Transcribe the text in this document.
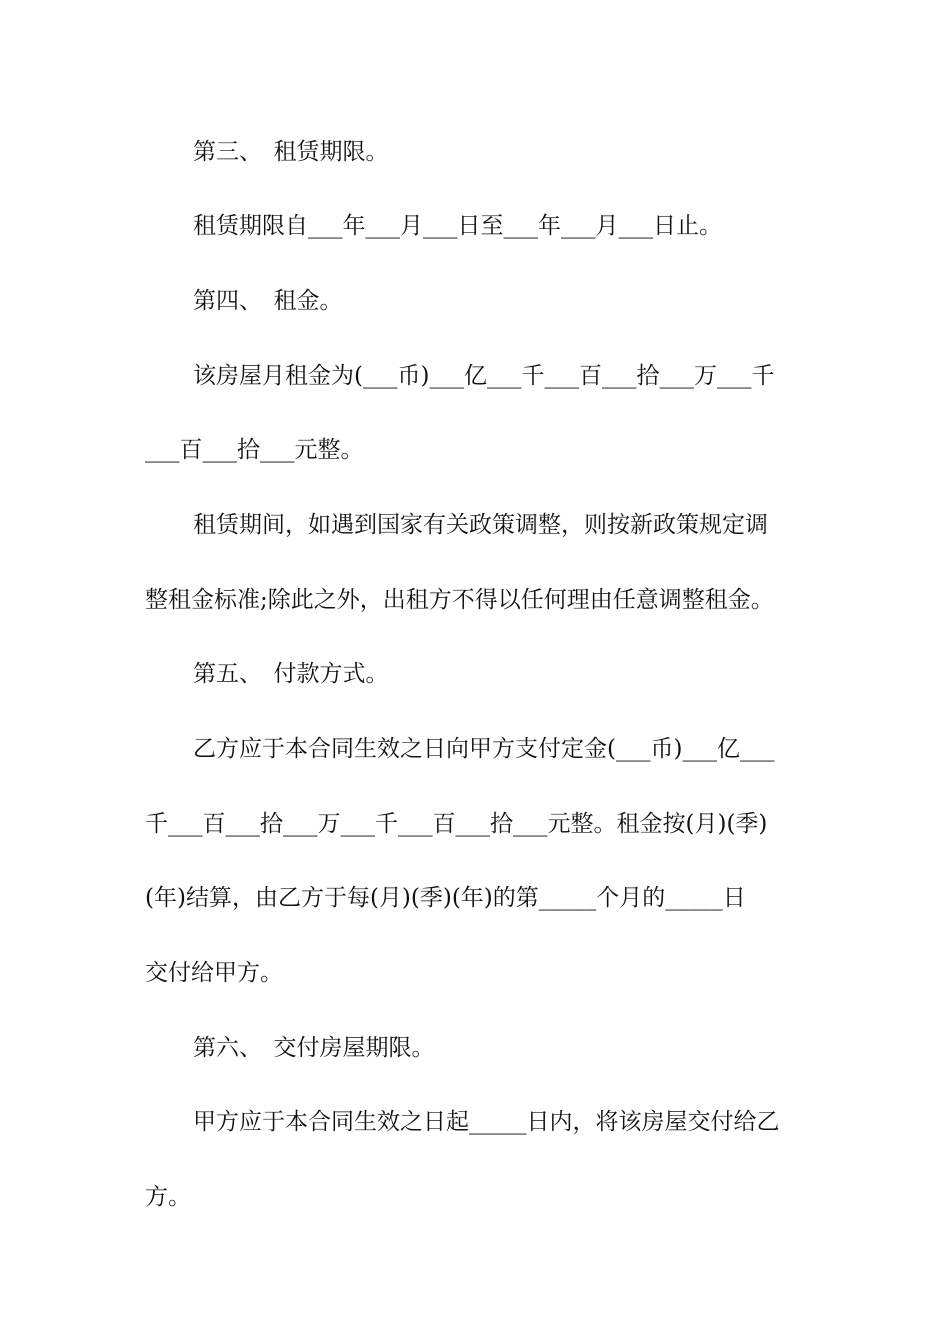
第三、　租赁期限。
租赁期限自___年___月___日至___年___月___日止。
第四、　租金。
该房屋月租金为(___币)___亿___千___百___拾___万___千
___百___拾___元整。
租赁期间，如遇到国家有关政策调整，则按新政策规定调
整租金标准;除此之外，出租方不得以任何理由任意调整租金。
第五、　付款方式。
乙方应于本合同生效之日向甲方支付定金(___币)___亿___
千___百___拾___万___千___百___拾___元整。租金按(月)(季)
(年)结算，由乙方于每(月)(季)(年)的第_____个月的_____日
交付给甲方。
第六、　交付房屋期限。
甲方应于本合同生效之日起_____日内，将该房屋交付给乙
方。
